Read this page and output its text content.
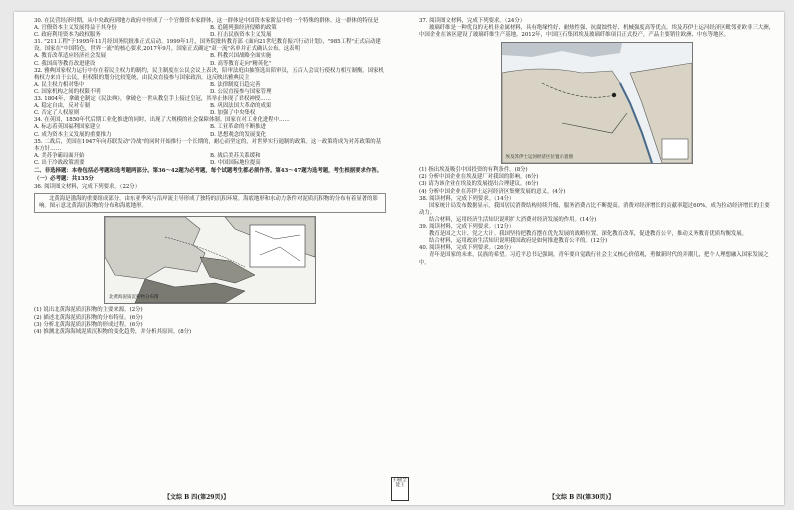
30. 在民营经济时期，从中央政府到地方政府中形成了一个官僚资本家群体，这一群体是中国资本家阶层中的一个特殊的群体。这一群体的特征是

A. 官僚资本主义发展得益于其身份	B. 追随列强经济侵略的政策
C. 政府利用资本为政权服务	D. 打击民族资本主义发展

31. "211工程"于1995年11月经国务院批准正式启动。1999年1月，国务院批转教育部《面向21世纪教育振兴行动计划》，"985工程"正式启动建设。国家在"中国特色，世界一流"的核心要求,2017年9月，国家正式确定"双一流"名单并正式确认公布。这表明

A. 教育改革适应经济社会发展	B. 科教兴国战略全面实施
C. 我国高等教育改进建设	D. 高等教育走向"精英化"

32. 雅典国家权力运行中存在着民主权力的制约，民主制度在公民会议上表决，陪审法庭由抽签选出陪审员，五百人会议行使权力相互制衡。国家机构权力来自于公民，但权限的划分比较笼统，由民众直接参与国家政治。这反映出雅典民主

A. 民主权力相对集中	B. 法律制度日趋完善
C. 国家机构之间的权限不明	D. 公民直接参与国家管理

33. 1804年，拿破仑制定《民法典》，拿破仑一世从教皇手上接过皇冠，其举止体现了君权神授……

A. 稳定自由，反对专制	B. 巩固法国大革命的成果
C. 否定了人权原则	D. 加强了中央集权

34. 在英国，1850年代后期工业化推进的同时，出现了大规模的社会保障体制。国家在对工业化进程中……

A. 标志着英国福利国家建立	B. 工业革命的不断推进
C. 成为资本主义发展的重要推力	D. 思想观念的发展变化

35. 二战后，美国在1947年向苏联发动"冷战"的同时开始推行一个长期的，耐心而坚定的，对世界实行遏制的政策。这一政策将成为对苏政策的基本方针……

A. 美苏争霸局面开始	B. 战后美苏关系缓和
C. 出于冷战政策需要	D. 中国国际地位提高

二、非选择题：本卷包括必考题和选考题两部分。第36～42题为必考题，每个试题考生都必须作答。第43～47题为选考题，考生根据要求作答。

（一）必考题：共135分

36. 阅读图文材料，完成下列要求。（22分）

北黄海是渤海的重要组成部分，由东亚季风与沿岸流主导形成了独特的沉积环境。海底地形和水动力条件对泥质沉积物的分布有着显著的影响。图示意北黄海沉积物的分布和海底地形。
北黄海泥质沉积物分布图

(1) 说出北黄海泥质沉积物的主要来源。(2分)

(2) 描述北黄海泥质沉积物的分布特征。(6分)

(3) 分析北黄海泥质沉积物的形成过程。(6分)

(4) 推测北黄海海域泥质沉积物的变化趋势，并分析其原因。(8分)

37. 阅读图文材料，完成下列要求。（24分）

玻璃纤维是一种优良的无机非金属材料，具有绝缘性好、耐热性强、抗腐蚀性好、机械强度高等优点。埃及苏伊士运河经济区毗邻亚欧非三大洲，中国企业在该区建设了玻璃纤维生产基地。2012年，中国巨石集团埃及玻璃纤维项目正式投产，产品主要销往欧洲、中东等地区。

埃及苏伊士运河经济区位置示意图

(1) 指出埃及吸引中国投资的有利条件。(8分)

(2) 分析中国企业在埃及建厂对我国的影响。(6分)

(3) 请为该企业在埃及的发展提出合理建议。(6分)

(4) 分析中国企业在苏伊士运河经济区集聚发展的意义。(4分)

38. 阅读材料，完成下列要求。（14分）

国家统计局发布数据显示，我国居民消费结构持续升级，服务消费占比不断提高。消费对经济增长的贡献率超过60%，成为拉动经济增长的主要动力。

结合材料，运用经济生活知识说明扩大消费对经济发展的作用。(14分)

39. 阅读材料，完成下列要求。（12分）

教育是国之大计、党之大计。我国坚持把教育摆在优先发展的战略位置，深化教育改革，促进教育公平，推动义务教育优质均衡发展。

结合材料，运用政治生活知识说明我国政府是如何推进教育公平的。(12分)

40. 阅读材料，完成下列要求。（26分）

青年是国家的未来，民族的希望。习近平总书记强调，青年要自觉践行社会主义核心价值观，勇做新时代的弄潮儿，把个人理想融入国家发展之中。

【文综 B 四(第29页)】	【文综 B 四(第30页)】
扫描全能王
